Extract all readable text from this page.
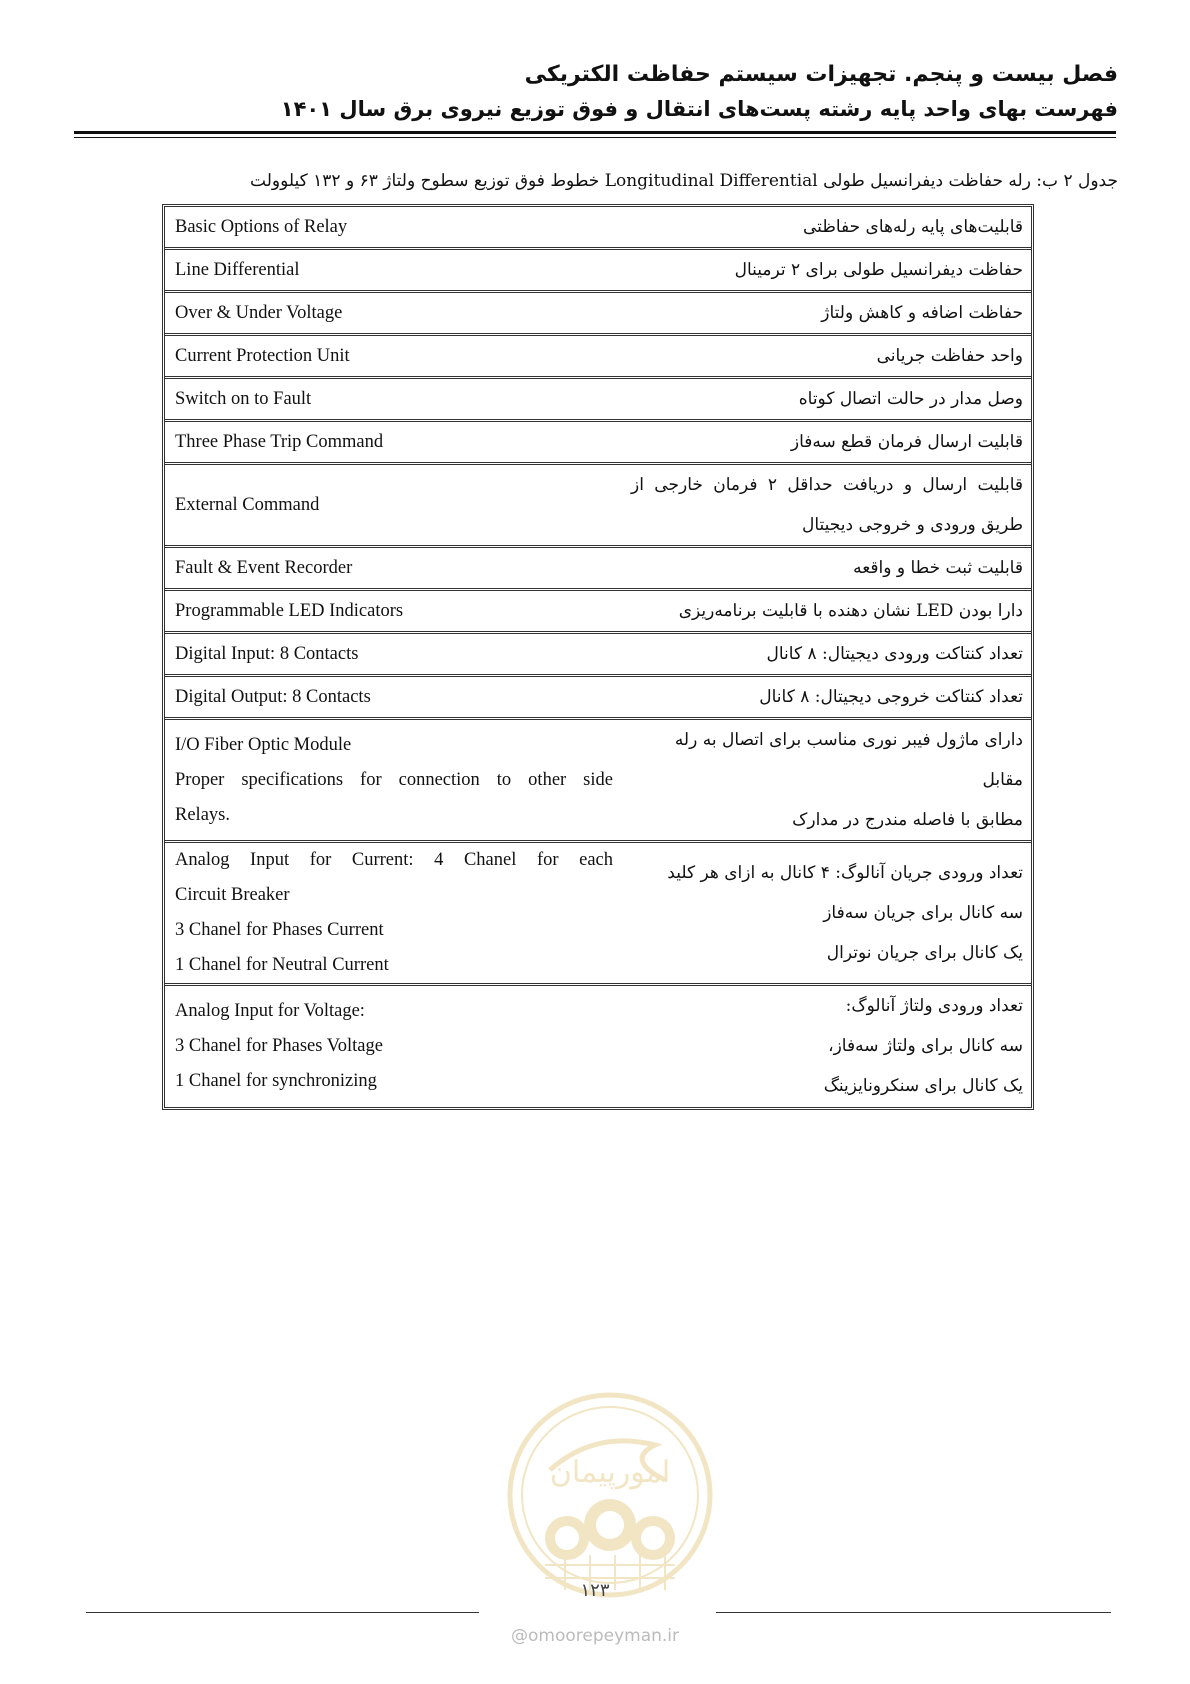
فصل بیست و پنجم. تجهیزات سیستم حفاظت الکتریکی
فهرست بهای واحد پایه رشته پست‌های انتقال و فوق توزیع نیروی برق سال ۱۴۰۱
جدول ۲ ب: رله حفاظت دیفرانسیل طولی Longitudinal Differential خطوط فوق توزیع سطوح ولتاژ ۶۳ و ۱۳۲ کیلوولت
Basic Options of Relay	قابلیت‌های پایه رله‌های حفاظتی

Line Differential	حفاظت دیفرانسیل طولی برای ۲ ترمینال

Over & Under Voltage	حفاظت اضافه و کاهش ولتاژ

Current Protection Unit	واحد حفاظت جریانی

Switch on to Fault	وصل مدار در حالت اتصال کوتاه

Three Phase Trip Command	قابلیت ارسال فرمان قطع سه‌فاز

External Command	قابلیت ارسال و دریافت حداقل ۲ فرمان خارجی از
طریق ورودی و خروجی دیجیتال

Fault & Event Recorder	قابلیت ثبت خطا و واقعه

Programmable LED Indicators	دارا بودن LED نشان دهنده با قابلیت برنامه‌ریزی

Digital Input: 8 Contacts	تعداد کنتاکت ورودی دیجیتال: ۸ کانال

Digital Output: 8 Contacts	تعداد کنتاکت خروجی دیجیتال: ۸ کانال

I/O Fiber Optic Module
Proper specifications for connection to other side
Relays.	دارای ماژول فیبر نوری مناسب برای اتصال به رله مقابل
مطابق با فاصله مندرج در مدارک

Analog Input for Current: 4 Chanel for each
Circuit Breaker
3 Chanel for Phases Current
1 Chanel for Neutral Current	تعداد ورودی جریان آنالوگ: ۴ کانال به ازای هر کلید
سه کانال برای جریان سه‌فاز
یک کانال برای جریان نوترال

Analog Input for Voltage:
3 Chanel for Phases Voltage
1 Chanel for synchronizing	تعداد ورودی ولتاژ آنالوگ:
سه کانال برای ولتاژ سه‌فاز،
یک کانال برای سنکرونایزینگ
امورپیمان
۱۲۳
@omoorepeyman.ir
